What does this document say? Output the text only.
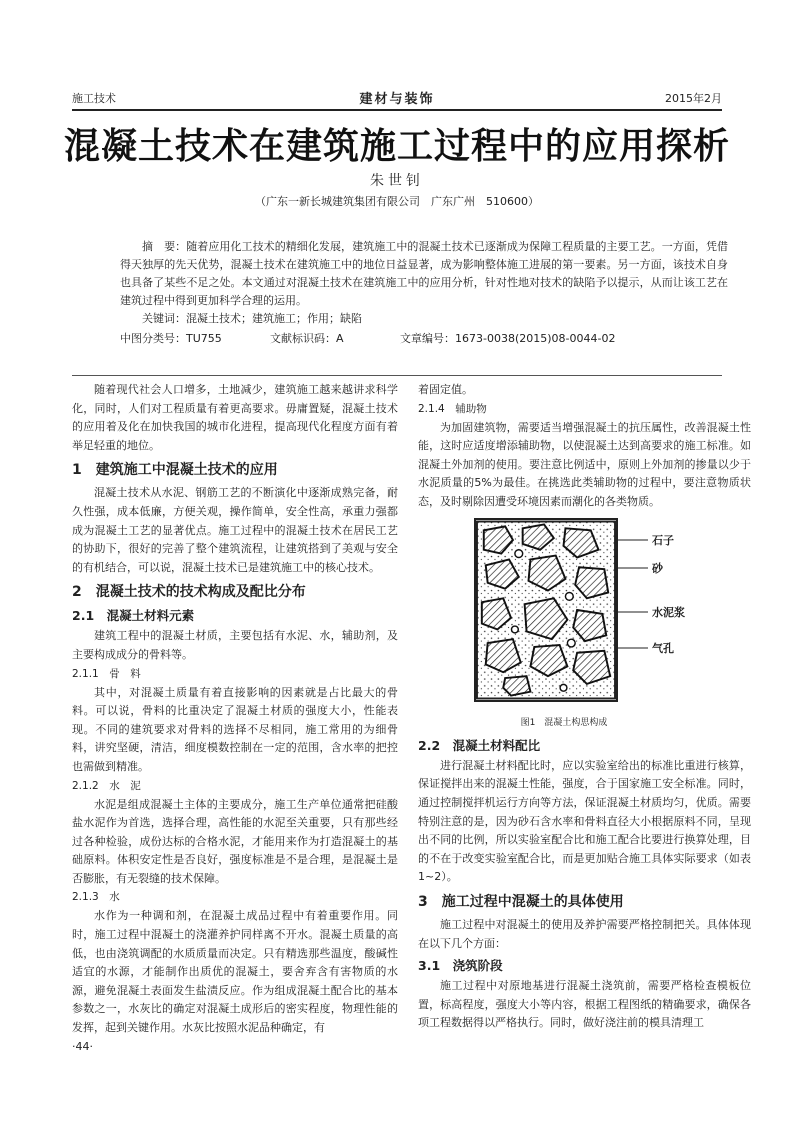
施工技术	建材与装饰	2015年2月
混凝土技术在建筑施工过程中的应用探析
朱世钊
（广东一新长城建筑集团有限公司　广东广州　510600）

摘　要：随着应用化工技术的精细化发展，建筑施工中的混凝土技术已逐渐成为保障工程质量的主要工艺。一方面，凭借得天独厚的先天优势，混凝土技术在建筑施工中的地位日益显著，成为影响整体施工进展的第一要素。另一方面，该技术自身也具备了某些不足之处。本文通过对混凝土技术在建筑施工中的应用分析，针对性地对技术的缺陷予以提示，从而让该工艺在建筑过程中得到更加科学合理的运用。

关键词：混凝土技术；建筑施工；作用；缺陷

中图分类号：TU755	文献标识码：A	文章编号：1673-0038(2015)08-0044-02

随着现代社会人口增多，土地减少，建筑施工越来越讲求科学化，同时，人们对工程质量有着更高要求。毋庸置疑，混凝土技术的应用着及化在加快我国的城市化进程，提高现代化程度方面有着举足轻重的地位。

1　建筑施工中混凝土技术的应用

混凝土技术从水泥、钢筋工艺的不断演化中逐渐成熟完备，耐久性强，成本低廉，方便关观，操作简单，安全性高，承重力强都成为混凝土工艺的显著优点。施工过程中的混凝土技术在居民工艺的协助下，很好的完善了整个建筑流程，让建筑搭到了美观与安全的有机结合，可以说，混凝土技术已是建筑施工中的核心技术。

2　混凝土技术的技术构成及配比分布
2.1　混凝土材料元素

建筑工程中的混凝土材质，主要包括有水泥、水，辅助剂，及主要构成成分的骨料等。

2.1.1　骨　料

其中，对混凝土质量有着直接影响的因素就是占比最大的骨料。可以说，骨料的比重决定了混凝土材质的强度大小，性能表现。不同的建筑要求对骨料的选择不尽相同，施工常用的为细骨料，讲究坚硬，清洁，细度模数控制在一定的范围，含水率的把控也需做到精准。

2.1.2　水　泥

水泥是组成混凝土主体的主要成分，施工生产单位通常把硅酸盐水泥作为首选，选择合理，高性能的水泥至关重要，只有那些经过各种检验，成份达标的合格水泥，才能用来作为打造混凝土的基础原料。体积安定性是否良好，强度标准是不是合理，是混凝土是否膨胀，有无裂缝的技术保障。

2.1.3　水

水作为一种调和剂，在混凝土成品过程中有着重要作用。同时，施工过程中混凝土的浇灌养护同样离不开水。混凝土质量的高低，也由浇筑调配的水质质量而决定。只有精选那些温度，酸碱性适宜的水源，才能制作出质优的混凝土，要舍弃含有害物质的水源，避免混凝土表面发生盐渍反应。作为组成混凝土配合比的基本参数之一，水灰比的确定对混凝土成形后的密实程度，物理性能的发挥，起到关键作用。水灰比按照水泥品种确定，有

着固定值。

2.1.4　辅助物

为加固建筑物，需要适当增强混凝土的抗压属性，改善混凝土性能，这时应适度增添辅助物，以使混凝土达到高要求的施工标准。如混凝土外加剂的使用。要注意比例适中，原则上外加剂的掺量以少于水泥质量的5%为最佳。在挑选此类辅助物的过程中，要注意物质状态，及时剔除因遭受环境因素而潮化的各类物质。

石子
砂
水泥浆
气孔
图1　混凝土构思构成
2.2　混凝土材料配比

进行混凝土材料配比时，应以实验室给出的标准比重进行核算，保证搅拌出来的混凝土性能，强度，合于国家施工安全标准。同时，通过控制搅拌机运行方向等方法，保证混凝土材质均匀，优质。需要特别注意的是，因为砂石含水率和骨料直径大小根据原料不同，呈现出不同的比例，所以实验室配合比和施工配合比要进行换算处理，目的不在于改变实验室配合比，而是更加贴合施工具体实际要求（如表1~2）。

3　施工过程中混凝土的具体使用

施工过程中对混凝土的使用及养护需要严格控制把关。具体体现在以下几个方面：

3.1　浇筑阶段

施工过程中对原地基进行混凝土浇筑前，需要严格检查模板位置，标高程度，强度大小等内容，根据工程图纸的精确要求，确保各项工程数据得以严格执行。同时，做好浇注前的模具清理工

·44·
